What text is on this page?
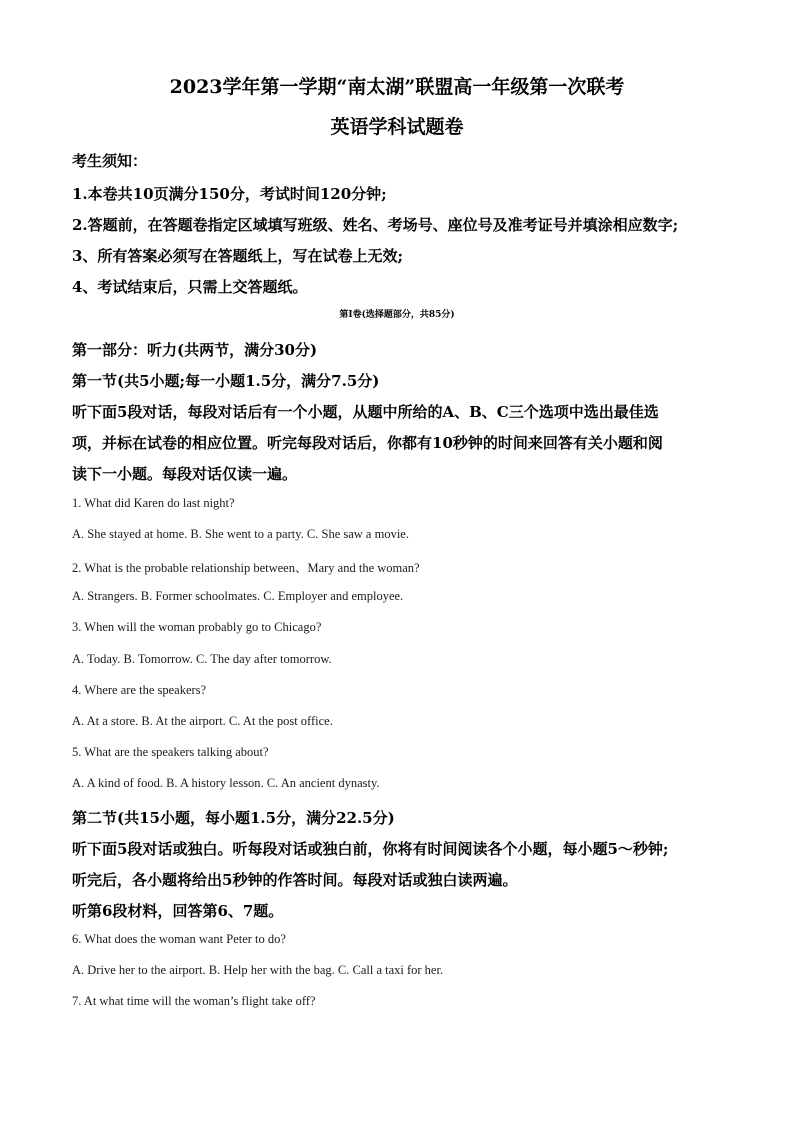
2023学年第一学期“南太湖”联盟高一年级第一次联考
英语学科试题卷
考生须知：
1.本卷共10页满分150分，考试时间120分钟;
2.答题前，在答题卷指定区域填写班级、姓名、考场号、座位号及准考证号并填涂相应数字;
3、所有答案必须写在答题纸上，写在试卷上无效;
4、考试结束后，只需上交答题纸。
第Ⅰ卷(选择题部分，共85分)
第一部分：听力(共两节，满分30分)
第一节(共5小题;每一小题1.5分，满分7.5分)
听下面5段对话，每段对话后有一个小题，从题中所给的A、B、C三个选项中选出最佳选
项，并标在试卷的相应位置。听完每段对话后，你都有10秒钟的时间来回答有关小题和阅
读下一小题。每段对话仅读一遍。
1. What did Karen do last night?
A. She stayed at home. B. She went to a party. C. She saw a movie.
2. What is the probable relationship between、Mary and the woman?
A. Strangers. B. Former schoolmates. C. Employer and employee.
3. When will the woman probably go to Chicago?
A. Today. B. Tomorrow. C. The day after tomorrow.
4. Where are the speakers?
A. At a store. B. At the airport. C. At the post office.
5. What are the speakers talking about?
A. A kind of food. B. A history lesson. C. An ancient dynasty.
第二节(共15小题，每小题1.5分，满分22.5分)
听下面5段对话或独白。听每段对话或独白前，你将有时间阅读各个小题，每小题5～秒钟;
听完后，各小题将给出5秒钟的作答时间。每段对话或独白读两遍。
听第6段材料，回答第6、7题。
6. What does the woman want Peter to do?
A. Drive her to the airport. B. Help her with the bag. C. Call a taxi for her.
7. At what time will the woman’s flight take off?
